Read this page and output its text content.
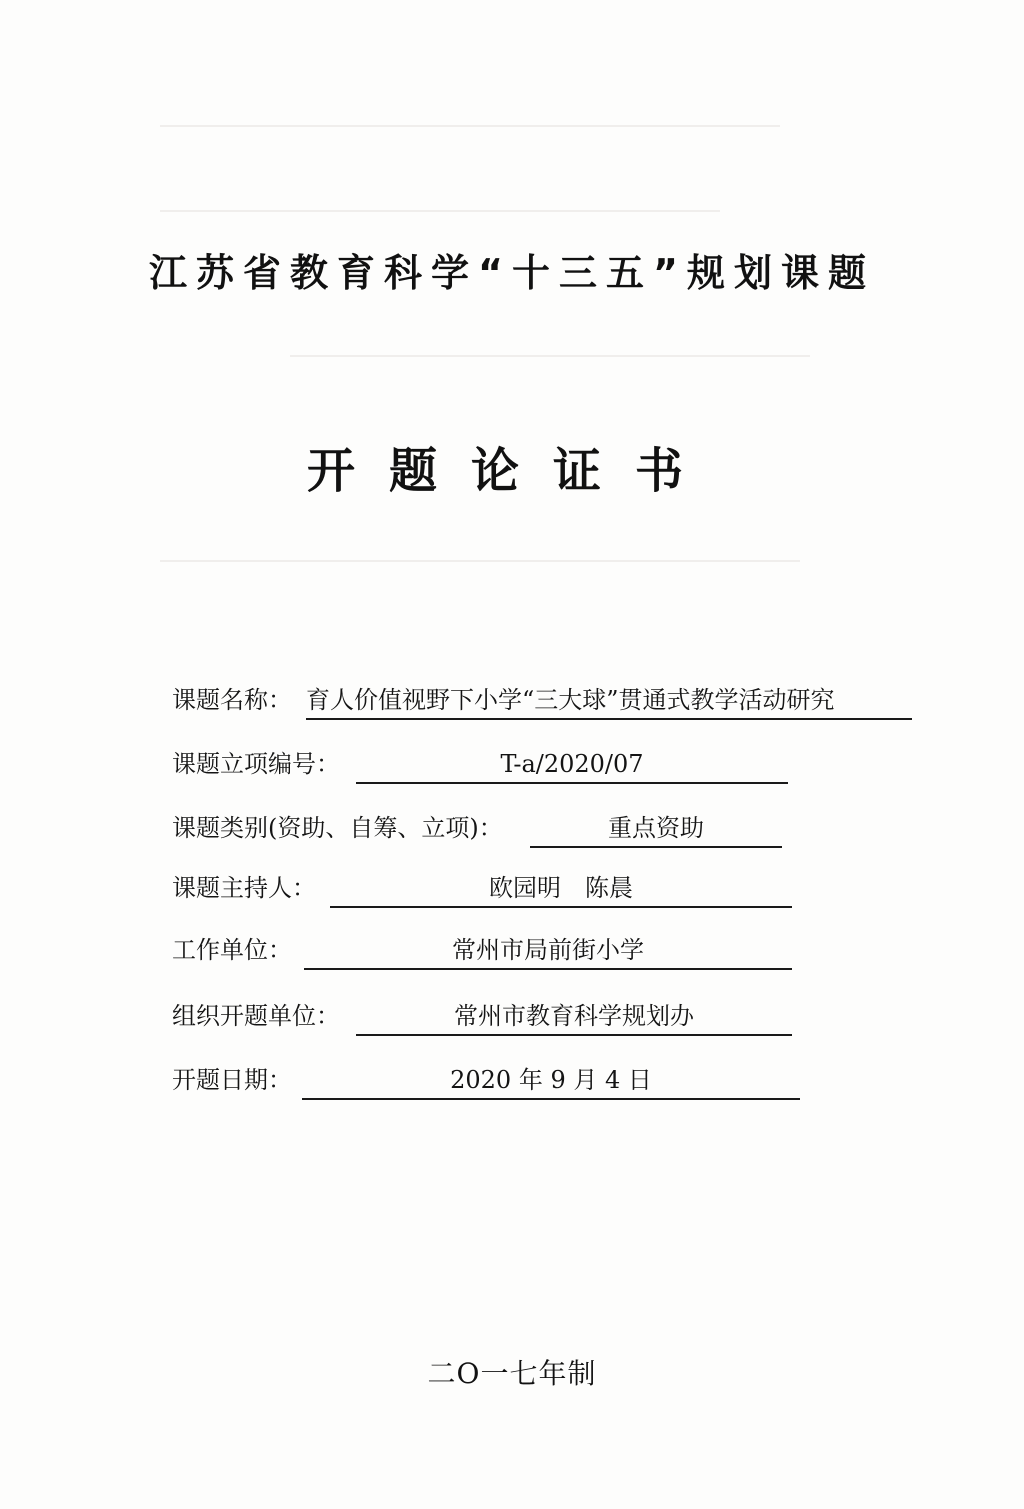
江苏省教育科学“十三五”规划课题
开题论证书
课题名称： 育人价值视野下小学“三大球”贯通式教学活动研究
课题立项编号：	T-a/2020/07
课题类别(资助、自筹、立项)：	重点资助
课题主持人：	欧园明　陈晨
工作单位：	常州市局前街小学
组织开题单位：	常州市教育科学规划办
开题日期：	2020 年 9 月 4 日
二O一七年制
